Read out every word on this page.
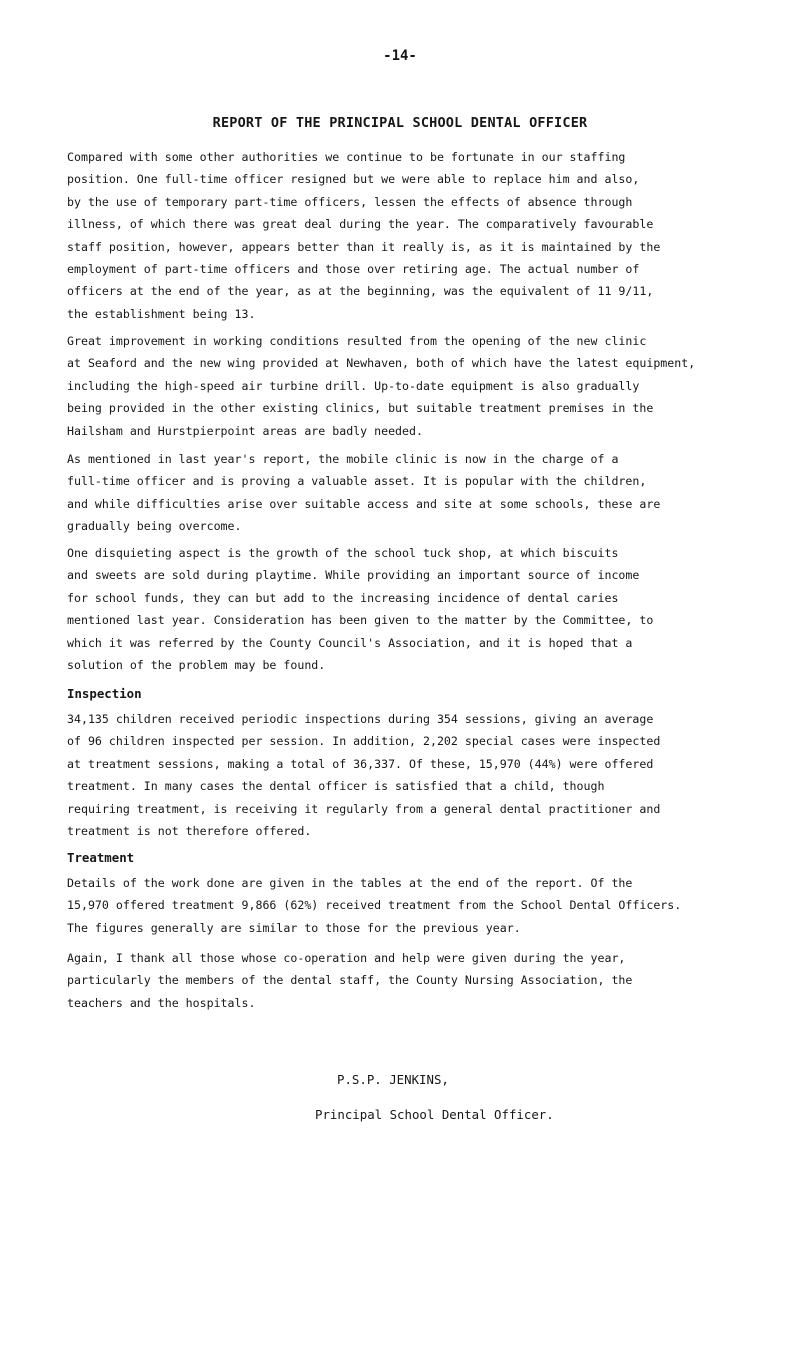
-14-
REPORT OF THE PRINCIPAL SCHOOL DENTAL OFFICER
Compared with some other authorities we continue to be fortunate in our staffing
position. One full-time officer resigned but we were able to replace him and also,
by the use of temporary part-time officers, lessen the effects of absence through
illness, of which there was great deal during the year. The comparatively favourable
staff position, however, appears better than it really is, as it is maintained by the
employment of part-time officers and those over retiring age. The actual number of
officers at the end of the year, as at the beginning, was the equivalent of 11 9/11,
the establishment being 13.
Great improvement in working conditions resulted from the opening of the new clinic
at Seaford and the new wing provided at Newhaven, both of which have the latest equipment,
including the high-speed air turbine drill. Up-to-date equipment is also gradually
being provided in the other existing clinics, but suitable treatment premises in the
Hailsham and Hurstpierpoint areas are badly needed.
As mentioned in last year's report, the mobile clinic is now in the charge of a
full-time officer and is proving a valuable asset. It is popular with the children,
and while difficulties arise over suitable access and site at some schools, these are
gradually being overcome.
One disquieting aspect is the growth of the school tuck shop, at which biscuits
and sweets are sold during playtime. While providing an important source of income
for school funds, they can but add to the increasing incidence of dental caries
mentioned last year. Consideration has been given to the matter by the Committee, to
which it was referred by the County Council's Association, and it is hoped that a
solution of the problem may be found.
Inspection
34,135 children received periodic inspections during 354 sessions, giving an average
of 96 children inspected per session. In addition, 2,202 special cases were inspected
at treatment sessions, making a total of 36,337. Of these, 15,970 (44%) were offered
treatment. In many cases the dental officer is satisfied that a child, though
requiring treatment, is receiving it regularly from a general dental practitioner and
treatment is not therefore offered.
Treatment
Details of the work done are given in the tables at the end of the report. Of the
15,970 offered treatment 9,866 (62%) received treatment from the School Dental Officers.
The figures generally are similar to those for the previous year.
Again, I thank all those whose co-operation and help were given during the year,
particularly the members of the dental staff, the County Nursing Association, the
teachers and the hospitals.
P.S.P. JENKINS,
Principal School Dental Officer.
